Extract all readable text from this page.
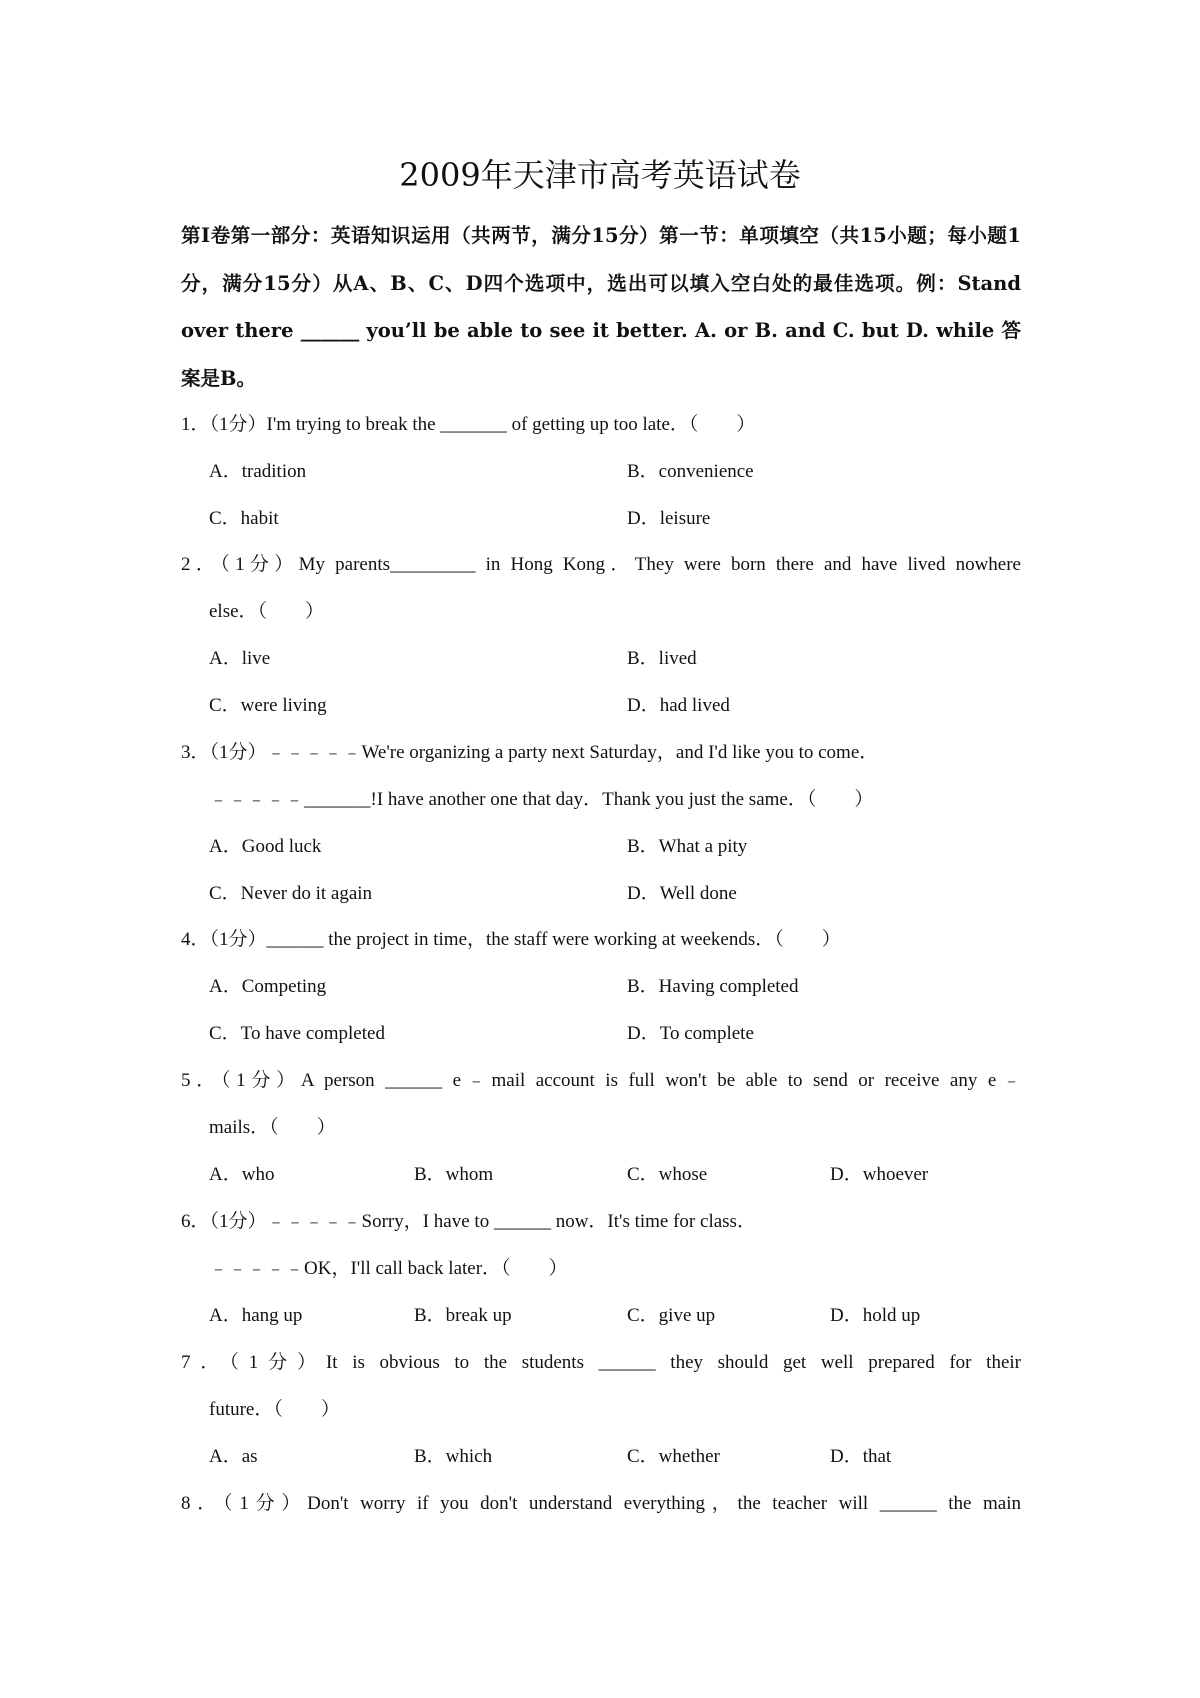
2009年天津市高考英语试卷
第Ⅰ卷第一部分：英语知识运用（共两节，满分15分）第一节：单项填空（共15小题；每小题1分，满分15分）从A、B、C、D四个选项中，选出可以填入空白处的最佳选项。例：Stand over there ______ you’ll be able to see it better. A. or B. and C. but D. while 答案是B。
1．（1分）I'm trying to break the _______ of getting up too late．（　　）
A．tradition	B．convenience
C．habit	D．leisure
2．（1分）My parents_________ in Hong Kong．They were born there and have lived nowhere
else．（　　）
A．live	B．lived
C．were living	D．had lived
3．（1分）﹣﹣﹣﹣﹣We're organizing a party next Saturday，and I'd like you to come．
﹣﹣﹣﹣﹣_______!I have another one that day．Thank you just the same．（　　）
A．Good luck	B．What a pity
C．Never do it again	D．Well done
4．（1分）______ the project in time，the staff were working at weekends．（　　）
A．Competing	B．Having completed
C．To have completed	D．To complete
5．（1分）A person ______ e﹣mail account is full won't be able to send or receive any e﹣
mails．（　　）
A．who	B．whom	C．whose	D．whoever
6．（1分）﹣﹣﹣﹣﹣Sorry，I have to ______ now．It's time for class．
﹣﹣﹣﹣﹣OK，I'll call back later．（　　）
A．hang up	B．break up	C．give up	D．hold up
7．（1分）It is obvious to the students ______ they should get well prepared for their
future．（　　）
A．as	B．which	C．whether	D．that
8．（1分）Don't worry if you don't understand everything，the teacher will ______ the main
